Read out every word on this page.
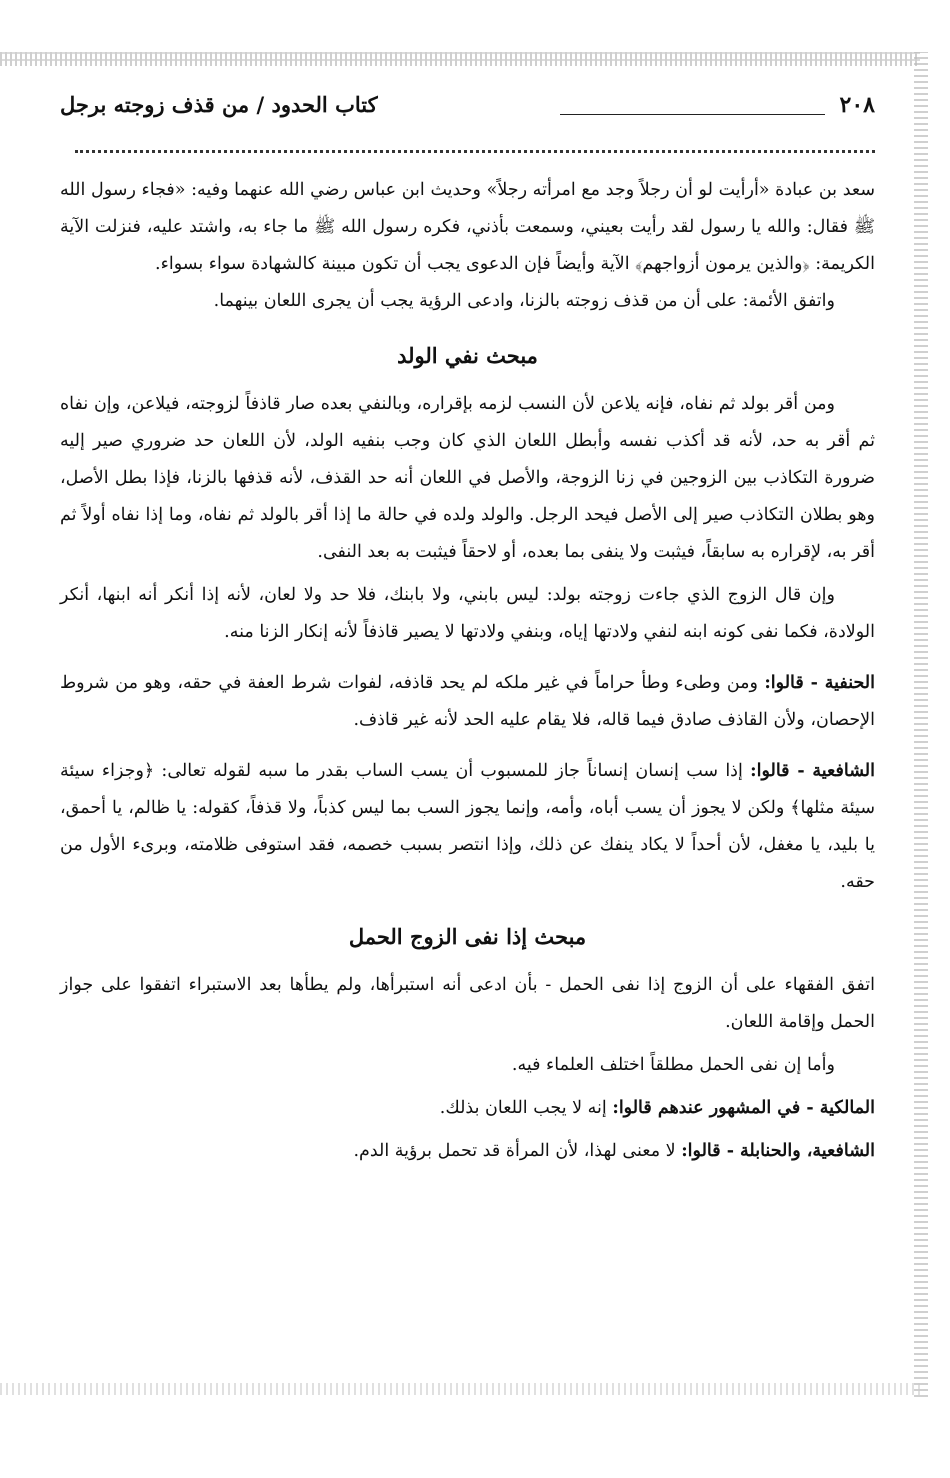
٢٠٨
كتاب الحدود / من قذف زوجته برجل

سعد بن عبادة «أرأيت لو أن رجلاً وجد مع امرأته رجلاً» وحديث ابن عباس رضي الله عنهما وفيه: «فجاء رسول الله ﷺ فقال: والله يا رسول لقد رأيت بعيني، وسمعت بأذني، فكره رسول الله ﷺ ما جاء به، واشتد عليه، فنزلت الآية الكريمة: ﴿والذين يرمون أزواجهم﴾ الآية وأيضاً فإن الدعوى يجب أن تكون مبينة كالشهادة سواء بسواء.

واتفق الأئمة: على أن من قذف زوجته بالزنا، وادعى الرؤية يجب أن يجرى اللعان بينهما.

مبحث نفي الولد

ومن أقر بولد ثم نفاه، فإنه يلاعن لأن النسب لزمه بإقراره، وبالنفي بعده صار قاذفاً لزوجته، فيلاعن، وإن نفاه ثم أقر به حد، لأنه قد أكذب نفسه وأبطل اللعان الذي كان وجب بنفيه الولد، لأن اللعان حد ضروري صير إليه ضرورة التكاذب بين الزوجين في زنا الزوجة، والأصل في اللعان أنه حد القذف، لأنه قذفها بالزنا، فإذا بطل الأصل، وهو بطلان التكاذب صير إلى الأصل فيحد الرجل. والولد ولده في حالة ما إذا أقر بالولد ثم نفاه، وما إذا نفاه أولاً ثم أقر به، لإقراره به سابقاً، فيثبت ولا ينفى بما بعده، أو لاحقاً فيثبت به بعد النفى.

وإن قال الزوج الذي جاءت زوجته بولد: ليس بابني، ولا بابنك، فلا حد ولا لعان، لأنه إذا أنكر أنه ابنها، أنكر الولادة، فكما نفى كونه ابنه لنفي ولادتها إياه، وبنفي ولادتها لا يصير قاذفاً لأنه إنكار الزنا منه.

الحنفية - قالوا: ومن وطىء وطأ حراماً في غير ملكه لم يحد قاذفه، لفوات شرط العفة في حقه، وهو من شروط الإحصان، ولأن القاذف صادق فيما قاله، فلا يقام عليه الحد لأنه غير قاذف.

الشافعية - قالوا: إذا سب إنسان إنساناً جاز للمسبوب أن يسب الساب بقدر ما سبه لقوله تعالى: ﴿وجزاء سيئة سيئة مثلها﴾ ولكن لا يجوز أن يسب أباه، وأمه، وإنما يجوز السب بما ليس كذباً، ولا قذفاً، كقوله: يا ظالم، يا أحمق، يا بليد، يا مغفل، لأن أحداً لا يكاد ينفك عن ذلك، وإذا انتصر بسبب خصمه، فقد استوفى ظلامته، وبرىء الأول من حقه.

مبحث إذا نفى الزوج الحمل

اتفق الفقهاء على أن الزوج إذا نفى الحمل - بأن ادعى أنه استبرأها، ولم يطأها بعد الاستبراء اتفقوا على جواز الحمل وإقامة اللعان.

وأما إن نفى الحمل مطلقاً اختلف العلماء فيه.

المالكية - في المشهور عندهم قالوا: إنه لا يجب اللعان بذلك.

الشافعية، والحنابلة - قالوا: لا معنى لهذا، لأن المرأة قد تحمل برؤية الدم.
